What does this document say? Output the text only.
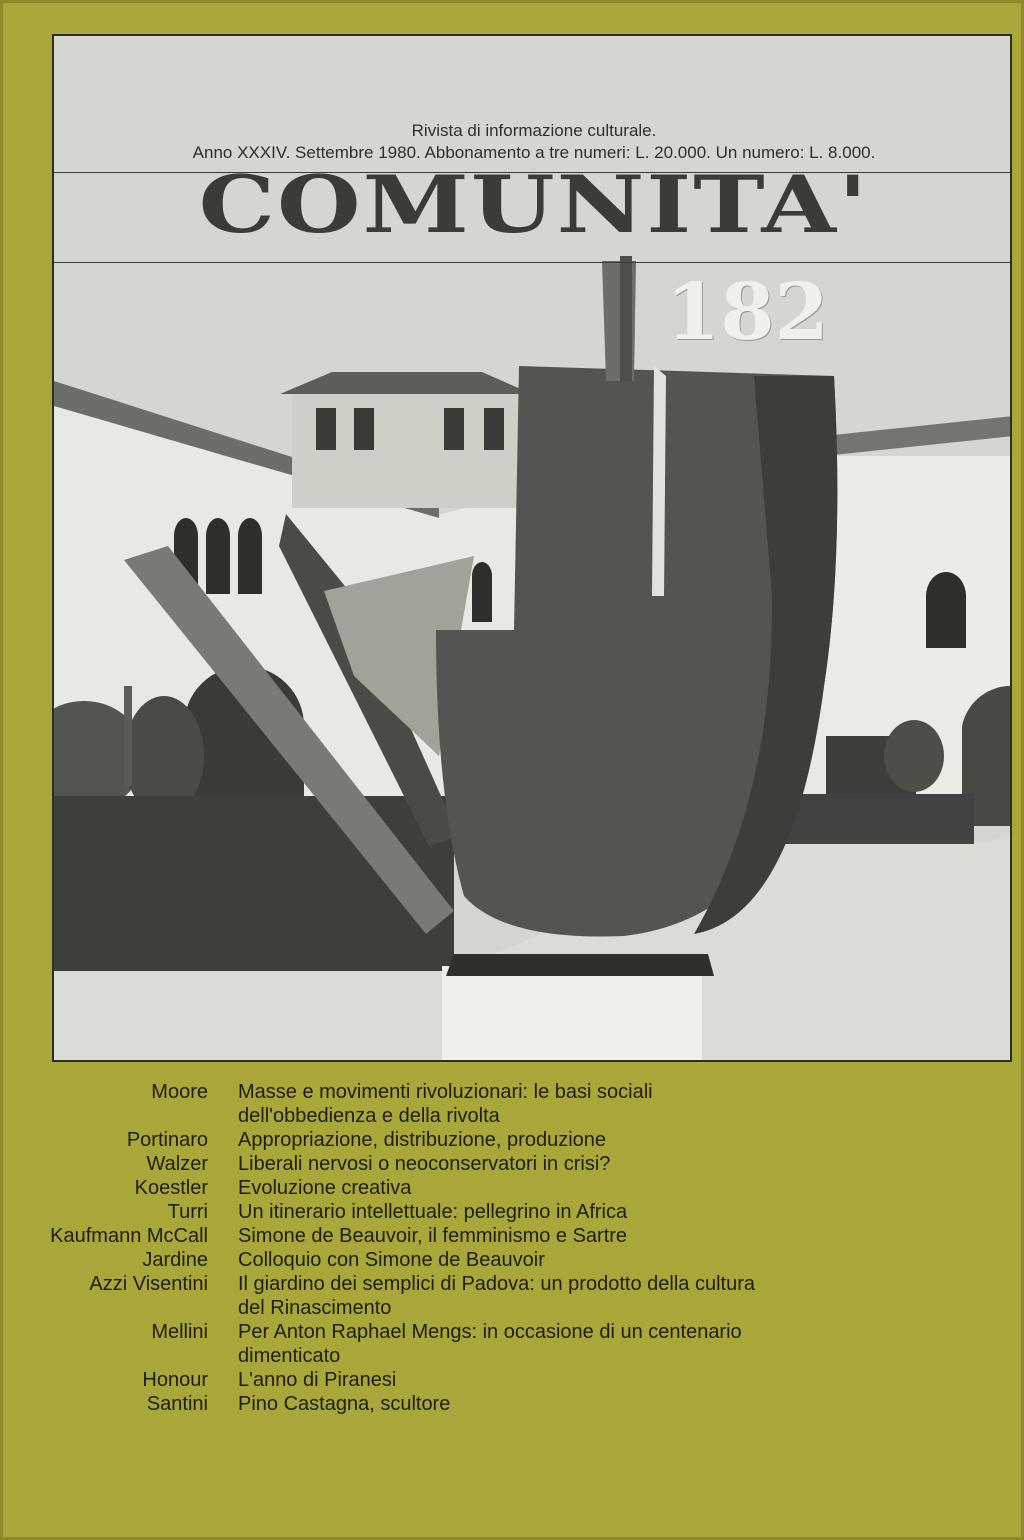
Rivista di informazione culturale.
Anno XXXIV. Settembre 1980. Abbonamento a tre numeri: L. 20.000. Un numero: L. 8.000.
COMUNITA'
182
Moore	Masse e movimenti rivoluzionari: le basi sociali
dell'obbedienza e della rivolta
Portinaro	Appropriazione, distribuzione, produzione
Walzer	Liberali nervosi o neoconservatori in crisi?
Koestler	Evoluzione creativa
Turri	Un itinerario intellettuale: pellegrino in Africa
Kaufmann McCall	Simone de Beauvoir, il femminismo e Sartre
Jardine	Colloquio con Simone de Beauvoir
Azzi Visentini	Il giardino dei semplici di Padova: un prodotto della cultura
del Rinascimento
Mellini	Per Anton Raphael Mengs: in occasione di un centenario
dimenticato
Honour	L'anno di Piranesi
Santini	Pino Castagna, scultore
